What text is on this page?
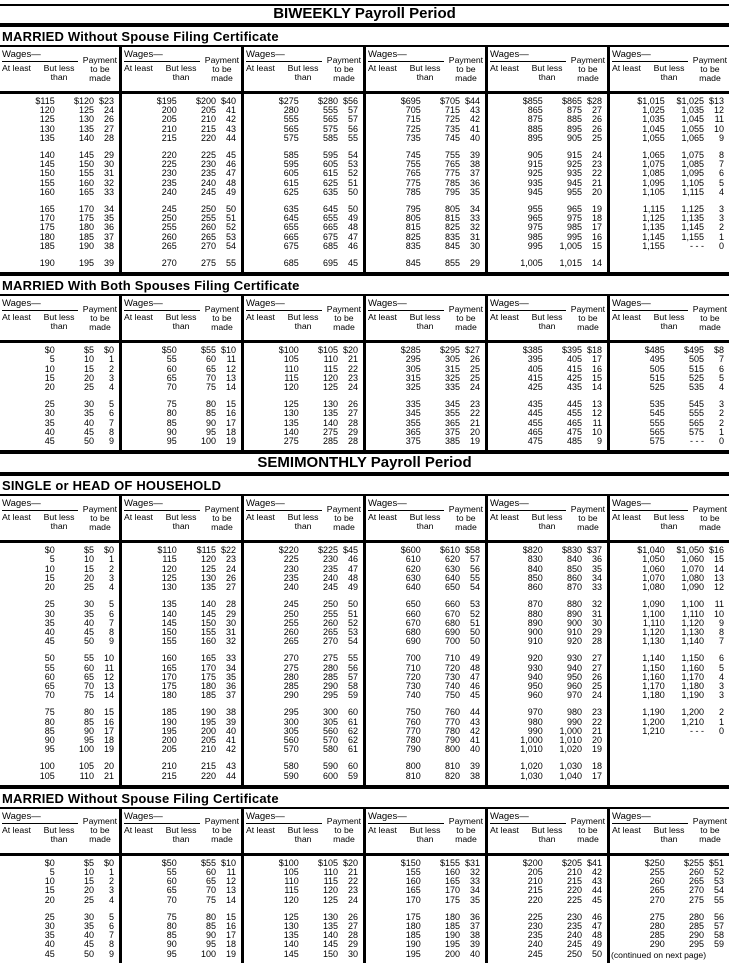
BIWEEKLY Payroll Period
MARRIED Without Spouse Filing Certificate
Wages—
At least	But less than
Payment to be made
$115	$120 $23
120	125	24
125	130	26
130	135	27
135	140	28
140	145	29
145	150	30
150	155	31
155	160	32
160	165	33
165	170	34
170	175	35
175	180	36
180	185	37
185	190	38
190	195	39
Wages—
At least	But less than
Payment to be made
$195	$200 $40
200	205	41
205	210	42
210	215	43
215	220	44
220	225	45
225	230	46
230	235	47
235	240	48
240	245	49
245	250	50
250	255	51
255	260	52
260	265	53
265	270	54
270	275	55
Wages—
At least	But less than
Payment to be made
$275	$280 $56
280	555	57
555	565	57
565	575	56
575	585	55
585	595	54
595	605	53
605	615	52
615	625	51
625	635	50
635	645	50
645	655	49
655	665	48
665	675	47
675	685	46
685	695	45
Wages—
At least	But less than
Payment to be made
$695	$705 $44
705	715	43
715	725	42
725	735	41
735	745	40
745	755	39
755	765	38
765	775	37
775	785	36
785	795	35
795	805	34
805	815	33
815	825	32
825	835	31
835	845	30
845	855	29
Wages—
At least	But less than
Payment to be made
$855	$865 $28
865	875	27
875	885	26
885	895	26
895	905	25
905	915	24
915	925	23
925	935	22
935	945	21
945	955	20
955	965	19
965	975	18
975	985	17
985	995	16
995	1,005	15
1,005	1,015	14
Wages—
At least	But less than
Payment to be made
$1,015	$1,025 $13
1,025	1,035	12
1,035	1,045	11
1,045	1,055	10
1,055	1,065	9
1,065	1,075	8
1,075	1,085	7
1,085	1,095	6
1,095	1,105	5
1,105	1,115	4
1,115	1,125	3
1,125	1,135	3
1,135	1,145	2
1,145	1,155	1
1,155	- - -	0
MARRIED With Both Spouses Filing Certificate
Wages—
At least	But less than
Payment to be made
$0	$5	$0
5	10	1
10	15	2
15	20	3
20	25	4
25	30	5
30	35	6
35	40	7
40	45	8
45	50	9
Wages—
At least	But less than
Payment to be made
$50	$55 $10
55	60	11
60	65	12
65	70	13
70	75	14
75	80	15
80	85	16
85	90	17
90	95	18
95	100	19
Wages—
At least	But less than
Payment to be made
$100	$105 $20
105	110	21
110	115	22
115	120	23
120	125	24
125	130	26
130	135	27
135	140	28
140	275	29
275	285	28
Wages—
At least	But less than
Payment to be made
$285	$295 $27
295	305	26
305	315	25
315	325	25
325	335	24
335	345	23
345	355	22
355	365	21
365	375	20
375	385	19
Wages—
At least	But less than
Payment to be made
$385	$395 $18
395	405	17
405	415	16
415	425	15
425	435	14
435	445	13
445	455	12
455	465	11
465	475	10
475	485	9
Wages—
At least	But less than
Payment to be made
$485	$495	$8
495	505	7
505	515	6
515	525	5
525	535	4
535	545	3
545	555	2
555	565	2
565	575	1
575	- - -	0
SEMIMONTHLY Payroll Period
SINGLE or HEAD OF HOUSEHOLD
Wages—
At least	But less than
Payment to be made
$0	$5	$0
5	10	1
10	15	2
15	20	3
20	25	4
25	30	5
30	35	6
35	40	7
40	45	8
45	50	9
50	55	10
55	60	11
60	65	12
65	70	13
70	75	14
75	80	15
80	85	16
85	90	17
90	95	18
95	100	19
100	105	20
105	110	21
Wages—
At least	But less than
Payment to be made
$110	$115 $22
115	120	23
120	125	24
125	130	26
130	135	27
135	140	28
140	145	29
145	150	30
150	155	31
155	160	32
160	165	33
165	170	34
170	175	35
175	180	36
180	185	37
185	190	38
190	195	39
195	200	40
200	205	41
205	210	42
210	215	43
215	220	44
Wages—
At least	But less than
Payment to be made
$220	$225 $45
225	230	46
230	235	47
235	240	48
240	245	49
245	250	50
250	255	51
255	260	52
260	265	53
265	270	54
270	275	55
275	280	56
280	285	57
285	290	58
290	295	59
295	300	60
300	305	61
305	560	62
560	570	62
570	580	61
580	590	60
590	600	59
Wages—
At least	But less than
Payment to be made
$600	$610 $58
610	620	57
620	630	56
630	640	55
640	650	54
650	660	53
660	670	52
670	680	51
680	690	50
690	700	50
700	710	49
710	720	48
720	730	47
730	740	46
740	750	45
750	760	44
760	770	43
770	780	42
780	790	41
790	800	40
800	810	39
810	820	38
Wages—
At least	But less than
Payment to be made
$820	$830 $37
830	840	36
840	850	35
850	860	34
860	870	33
870	880	32
880	890	31
890	900	30
900	910	29
910	920	28
920	930	27
930	940	27
940	950	26
950	960	25
960	970	24
970	980	23
980	990	22
990	1,000	21
1,000	1,010	20
1,010	1,020	19
1,020	1,030	18
1,030	1,040	17
Wages—
At least	But less than
Payment to be made
$1,040	$1,050 $16
1,050	1,060	15
1,060	1,070	14
1,070	1,080	13
1,080	1,090	12
1,090	1,100	11
1,100	1,110	10
1,110	1,120	9
1,120	1,130	8
1,130	1,140	7
1,140	1,150	6
1,150	1,160	5
1,160	1,170	4
1,170	1,180	3
1,180	1,190	3
1,190	1,200	2
1,200	1,210	1
1,210	- - -	0
MARRIED Without Spouse Filing Certificate
Wages—
At least	But less than
Payment to be made
$0	$5	$0
5	10	1
10	15	2
15	20	3
20	25	4
25	30	5
30	35	6
35	40	7
40	45	8
45	50	9
Wages—
At least	But less than
Payment to be made
$50	$55 $10
55	60	11
60	65	12
65	70	13
70	75	14
75	80	15
80	85	16
85	90	17
90	95	18
95	100	19
Wages—
At least	But less than
Payment to be made
$100	$105 $20
105	110	21
110	115	22
115	120	23
120	125	24
125	130	26
130	135	27
135	140	28
140	145	29
145	150	30
Wages—
At least	But less than
Payment to be made
$150	$155 $31
155	160	32
160	165	33
165	170	34
170	175	35
175	180	36
180	185	37
185	190	38
190	195	39
195	200	40
Wages—
At least	But less than
Payment to be made
$200	$205 $41
205	210	42
210	215	43
215	220	44
220	225	45
225	230	46
230	235	47
235	240	48
240	245	49
245	250	50
Wages—
At least	But less than
Payment to be made
$250	$255 $51
255	260	52
260	265	53
265	270	54
270	275	55
275	280	56
280	285	57
285	290	58
290	295	59
(continued on next page)
